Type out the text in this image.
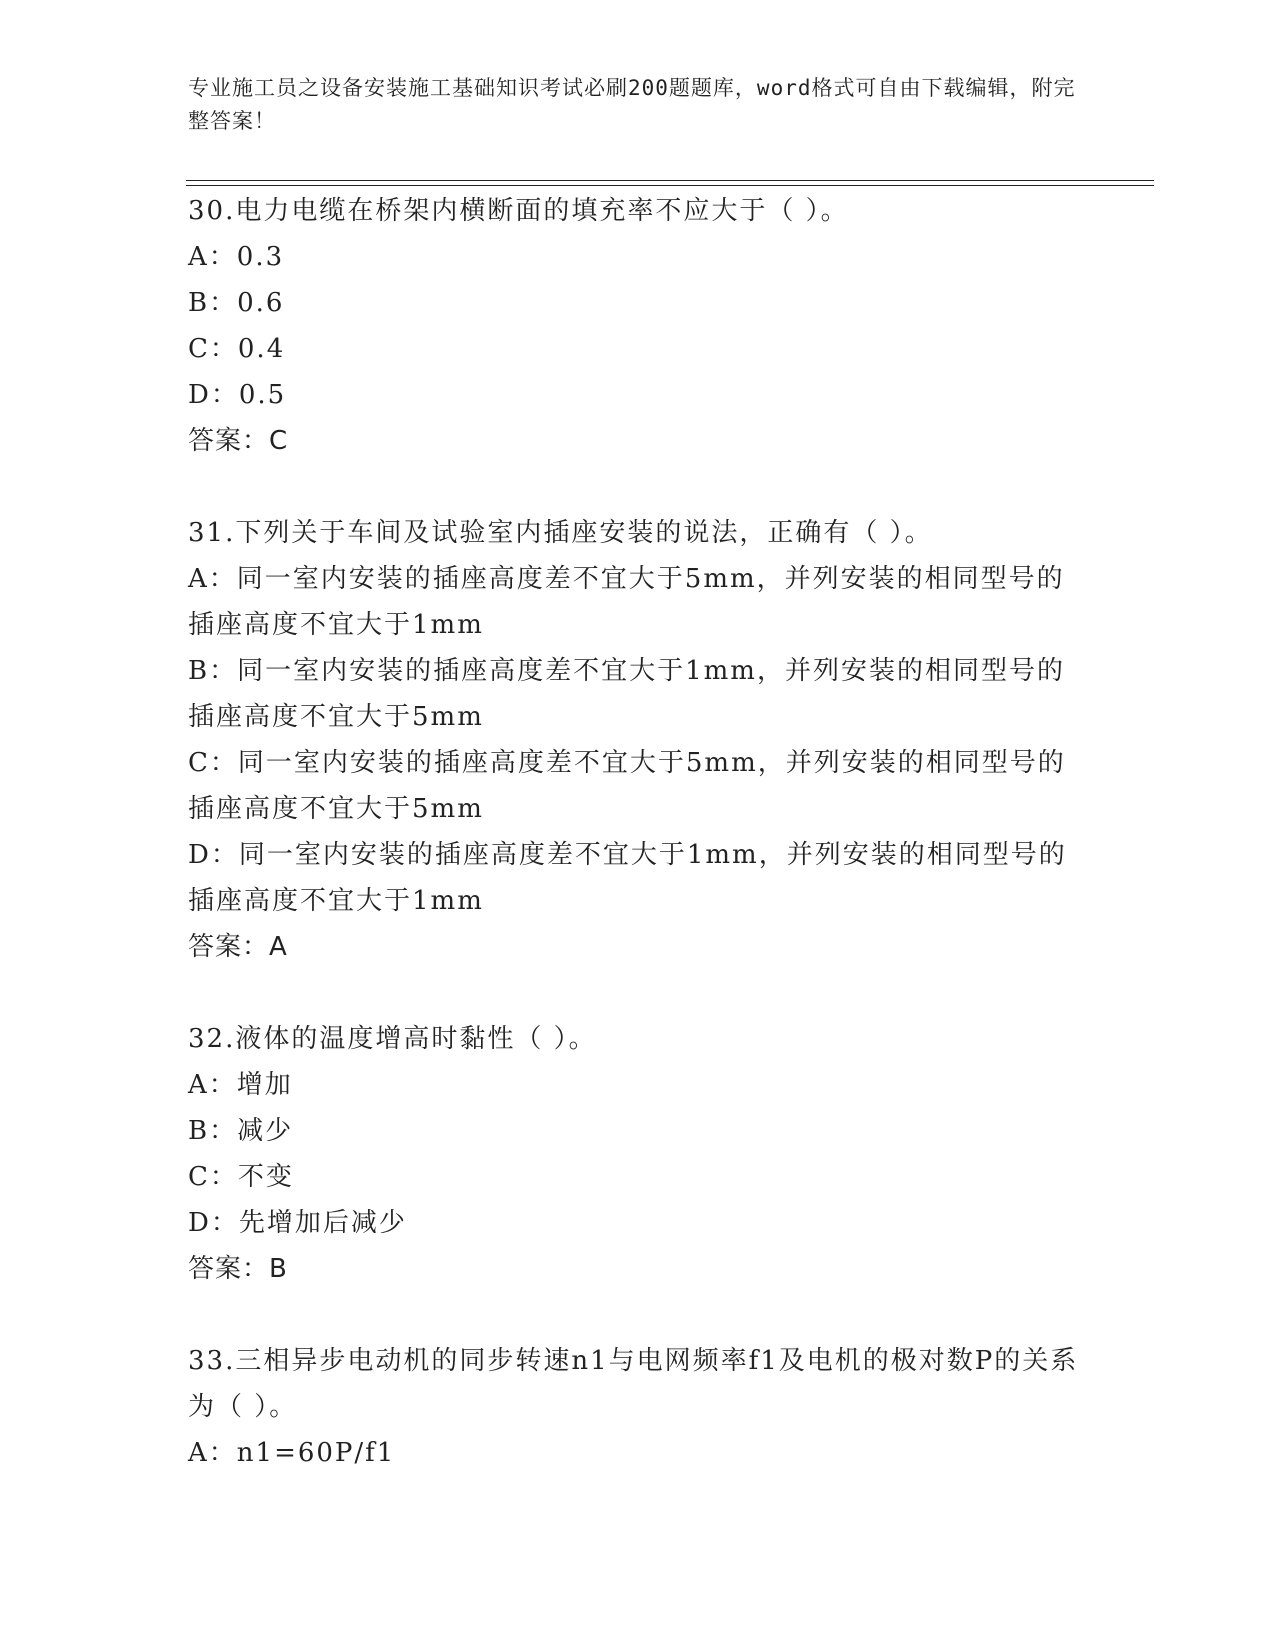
专业施工员之设备安装施工基础知识考试必刷200题题库，word格式可自由下载编辑，附完整答案！
30.电力电缆在桥架内横断面的填充率不应大于（ ）。
A：0.3
B：0.6
C：0.4
D：0.5
答案：C
31.下列关于车间及试验室内插座安装的说法，正确有（ ）。
A：同一室内安装的插座高度差不宜大于5mm，并列安装的相同型号的插座高度不宜大于1mm
B：同一室内安装的插座高度差不宜大于1mm，并列安装的相同型号的插座高度不宜大于5mm
C：同一室内安装的插座高度差不宜大于5mm，并列安装的相同型号的插座高度不宜大于5mm
D：同一室内安装的插座高度差不宜大于1mm，并列安装的相同型号的插座高度不宜大于1mm
答案：A
32.液体的温度增高时黏性（ ）。
A：增加
B：减少
C：不变
D：先增加后减少
答案：B
33.三相异步电动机的同步转速n1与电网频率f1及电机的极对数P的关系为（ ）。
A：n1=60P/f1
